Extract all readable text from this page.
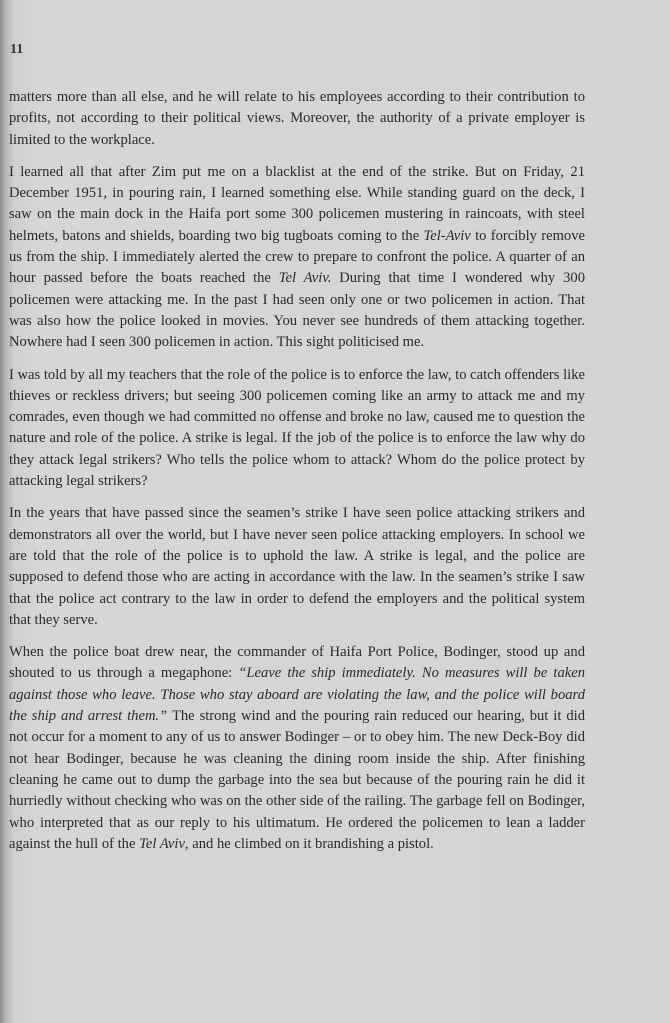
11

matters more than all else, and he will relate to his employees according to their contribution to profits, not according to their political views. Moreover, the authority of a private employer is limited to the workplace.

I learned all that after Zim put me on a blacklist at the end of the strike. But on Friday, 21 December 1951, in pouring rain, I learned something else. While standing guard on the deck, I saw on the main dock in the Haifa port some 300 policemen mustering in raincoats, with steel helmets, batons and shields, boarding two big tugboats coming to the Tel-Aviv to forcibly remove us from the ship. I immediately alerted the crew to prepare to confront the police. A quarter of an hour passed before the boats reached the Tel Aviv. During that time I wondered why 300 policemen were attacking me. In the past I had seen only one or two policemen in action. That was also how the police looked in movies. You never see hundreds of them attacking together. Nowhere had I seen 300 policemen in action. This sight politicised me.

I was told by all my teachers that the role of the police is to enforce the law, to catch offenders like thieves or reckless drivers; but seeing 300 policemen coming like an army to attack me and my comrades, even though we had committed no offense and broke no law, caused me to question the nature and role of the police. A strike is legal. If the job of the police is to enforce the law why do they attack legal strikers? Who tells the police whom to attack? Whom do the police protect by attacking legal strikers?

In the years that have passed since the seamen’s strike I have seen police attacking strikers and demonstrators all over the world, but I have never seen police attacking employers. In school we are told that the role of the police is to uphold the law. A strike is legal, and the police are supposed to defend those who are acting in accordance with the law. In the seamen’s strike I saw that the police act contrary to the law in order to defend the employers and the political system that they serve.

When the police boat drew near, the commander of Haifa Port Police, Bodinger, stood up and shouted to us through a megaphone: “Leave the ship immediately. No measures will be taken against those who leave. Those who stay aboard are violating the law, and the police will board the ship and arrest them.” The strong wind and the pouring rain reduced our hearing, but it did not occur for a moment to any of us to answer Bodinger – or to obey him. The new Deck-Boy did not hear Bodinger, because he was cleaning the dining room inside the ship. After finishing cleaning he came out to dump the garbage into the sea but because of the pouring rain he did it hurriedly without checking who was on the other side of the railing. The garbage fell on Bodinger, who interpreted that as our reply to his ultimatum. He ordered the policemen to lean a ladder against the hull of the Tel Aviv, and he climbed on it brandishing a pistol.
